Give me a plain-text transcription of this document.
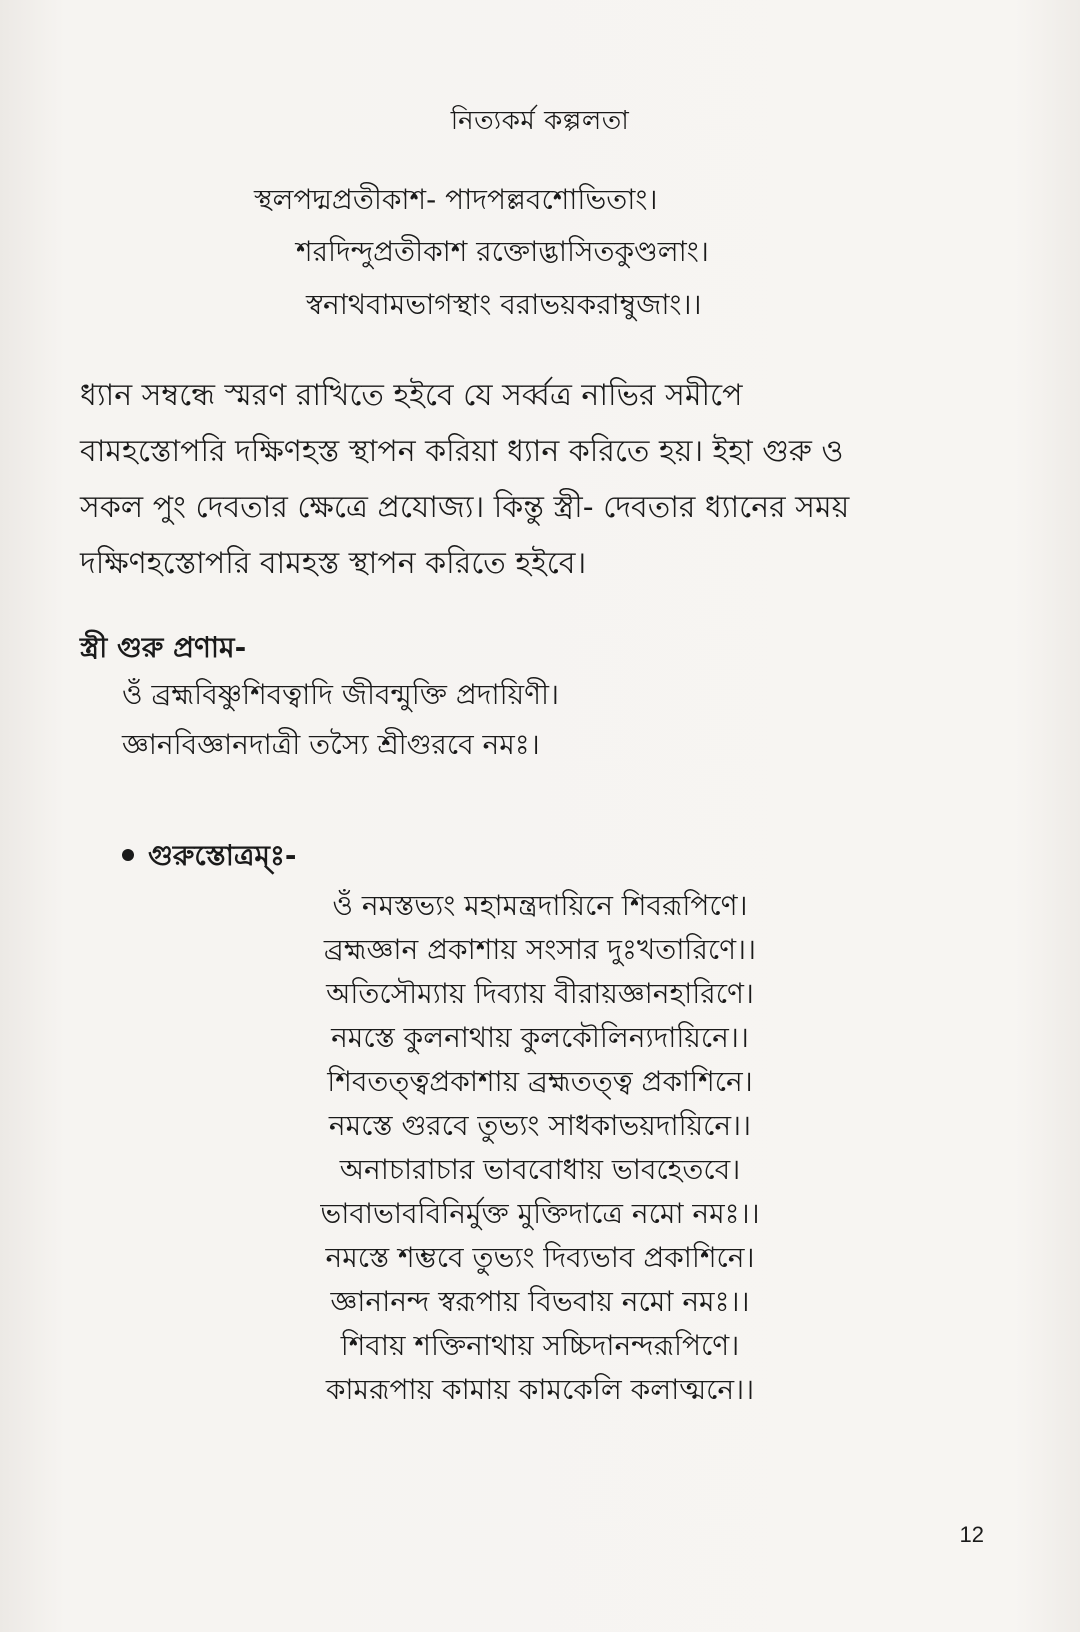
নিত্যকর্ম কল্পলতা
স্থলপদ্মপ্রতীকাশ- পাদপল্লবশোভিতাং।
শরদিন্দুপ্রতীকাশ রক্তোদ্ভাসিতকুণ্ডলাং।
স্বনাথবামভাগস্থাং বরাভয়করাম্বুজাং।।
ধ্যান সম্বন্ধে স্মরণ রাখিতে হইবে যে সর্ব্বত্র নাভির সমীপে
বামহস্তোপরি দক্ষিণহস্ত স্থাপন করিয়া ধ্যান করিতে হয়। ইহা গুরু ও
সকল পুং দেবতার ক্ষেত্রে প্রযোজ্য। কিন্তু স্ত্রী- দেবতার ধ্যানের সময়
দক্ষিণহস্তোপরি বামহস্ত স্থাপন করিতে হইবে।
স্ত্রী গুরু প্রণাম-
ওঁ ব্রহ্মবিষ্ণুশিবত্বাদি জীবন্মুক্তি প্রদায়িণী।
জ্ঞানবিজ্ঞানদাত্রী তস্যৈ শ্রীগুরবে নমঃ।
গুরুস্তোত্রম্ঃ-
ওঁ নমস্তভ্যং মহামন্ত্রদায়িনে শিবরূপিণে।
ব্রহ্মজ্ঞান প্রকাশায় সংসার দুঃখতারিণে।।
অতিসৌম্যায় দিব্যায় বীরায়জ্ঞানহারিণে।
নমস্তে কুলনাথায় কুলকৌলিন্যদায়িনে।।
শিবতত্ত্বপ্রকাশায় ব্রহ্মতত্ত্ব প্রকাশিনে।
নমস্তে গুরবে তুভ্যং সাধকাভয়দায়িনে।।
অনাচারাচার ভাববোধায় ভাবহেতবে।
ভাবাভাববিনির্মুক্ত মুক্তিদাত্রে নমো নমঃ।।
নমস্তে শম্ভবে তুভ্যং দিব্যভাব প্রকাশিনে।
জ্ঞানানন্দ স্বরূপায় বিভবায় নমো নমঃ।।
শিবায় শক্তিনাথায় সচ্চিদানন্দরূপিণে।
কামরূপায় কামায় কামকেলি কলাত্মনে।।
12
